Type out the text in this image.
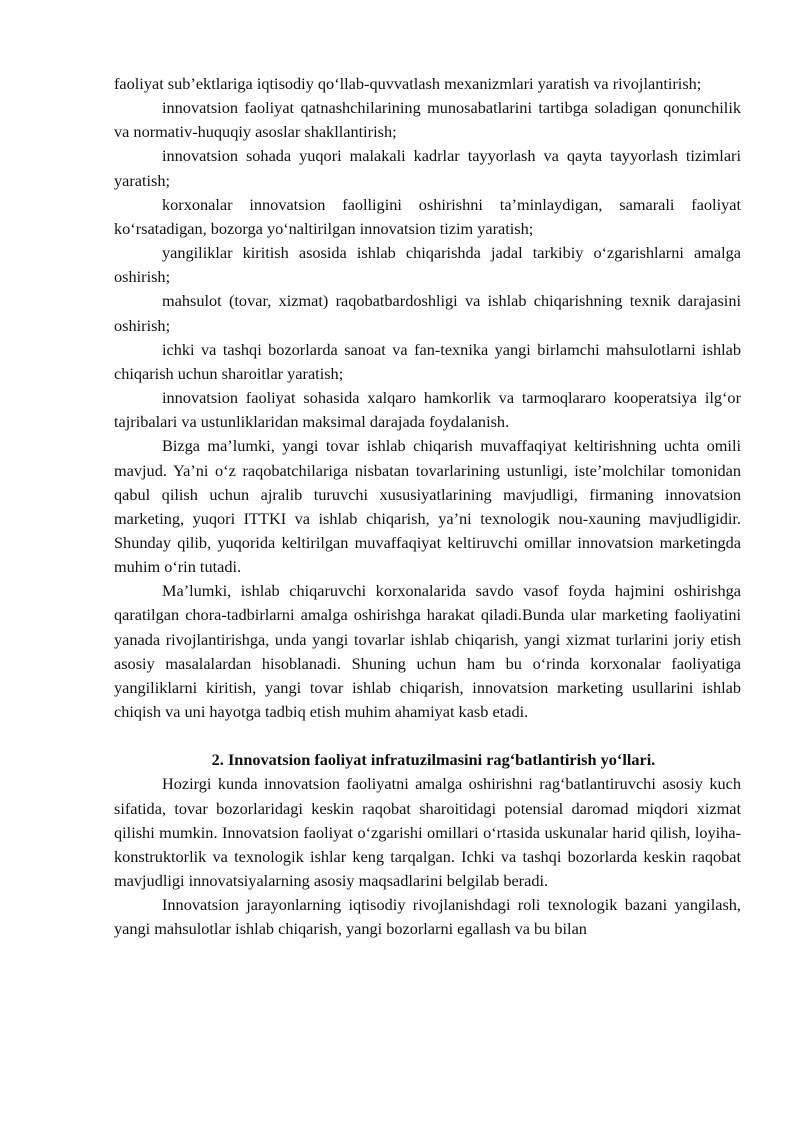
faoliyat sub’ektlariga iqtisodiy qo‘llab-quvvatlash mexanizmlari yaratish va rivojlantirish;

innovatsion faoliyat qatnashchilarining munosabatlarini tartibga soladigan qonunchilik va normativ-huquqiy asoslar shakllantirish;

innovatsion sohada yuqori malakali kadrlar tayyorlash va qayta tayyorlash tizimlari yaratish;

korxonalar innovatsion faolligini oshirishni ta’minlaydigan, samarali faoliyat ko‘rsatadigan, bozorga yo‘naltirilgan innovatsion tizim yaratish;

yangiliklar kiritish asosida ishlab chiqarishda jadal tarkibiy o‘zgarishlarni amalga oshirish;

mahsulot (tovar, xizmat) raqobatbardoshligi va ishlab chiqarishning texnik darajasini oshirish;

ichki va tashqi bozorlarda sanoat va fan-texnika yangi birlamchi mahsulotlarni ishlab chiqarish uchun sharoitlar yaratish;

innovatsion faoliyat sohasida xalqaro hamkorlik va tarmoqlararo kooperatsiya ilg‘or tajribalari va ustunliklaridan maksimal darajada foydalanish.

Bizga ma’lumki, yangi tovar ishlab chiqarish muvaffaqiyat keltirishning uchta omili mavjud. Ya’ni o‘z raqobatchilariga nisbatan tovarlarining ustunligi, iste’molchilar tomonidan qabul qilish uchun ajralib turuvchi xususiyatlarining mavjudligi, firmaning innovatsion marketing, yuqori ITTKI va ishlab chiqarish, ya’ni texnologik nou-xauning mavjudligidir. Shunday qilib, yuqorida keltirilgan muvaffaqiyat keltiruvchi omillar innovatsion marketingda muhim o‘rin tutadi.

Ma’lumki, ishlab chiqaruvchi korxonalarida savdo vasof foyda hajmini oshirishga qaratilgan chora-tadbirlarni amalga oshirishga harakat qiladi.Bunda ular marketing faoliyatini yanada rivojlantirishga, unda yangi tovarlar ishlab chiqarish, yangi xizmat turlarini joriy etish asosiy masalalardan hisoblanadi. Shuning uchun ham bu o‘rinda korxonalar faoliyatiga yangiliklarni kiritish, yangi tovar ishlab chiqarish, innovatsion marketing usullarini ishlab chiqish va uni hayotga tadbiq etish muhim ahamiyat kasb etadi.

2. Innovatsion faoliyat infratuzilmasini rag‘batlantirish yo‘llari.

Hozirgi kunda innovatsion faoliyatni amalga oshirishni rag‘batlantiruvchi asosiy kuch sifatida, tovar bozorlaridagi keskin raqobat sharoitidagi potensial daromad miqdori xizmat qilishi mumkin. Innovatsion faoliyat o‘zgarishi omillari o‘rtasida uskunalar harid qilish, loyiha-konstruktorlik va texnologik ishlar keng tarqalgan. Ichki va tashqi bozorlarda keskin raqobat mavjudligi innovatsiyalarning asosiy maqsadlarini belgilab beradi.

Innovatsion jarayonlarning iqtisodiy rivojlanishdagi roli texnologik bazani yangilash, yangi mahsulotlar ishlab chiqarish, yangi bozorlarni egallash va bu bilan
